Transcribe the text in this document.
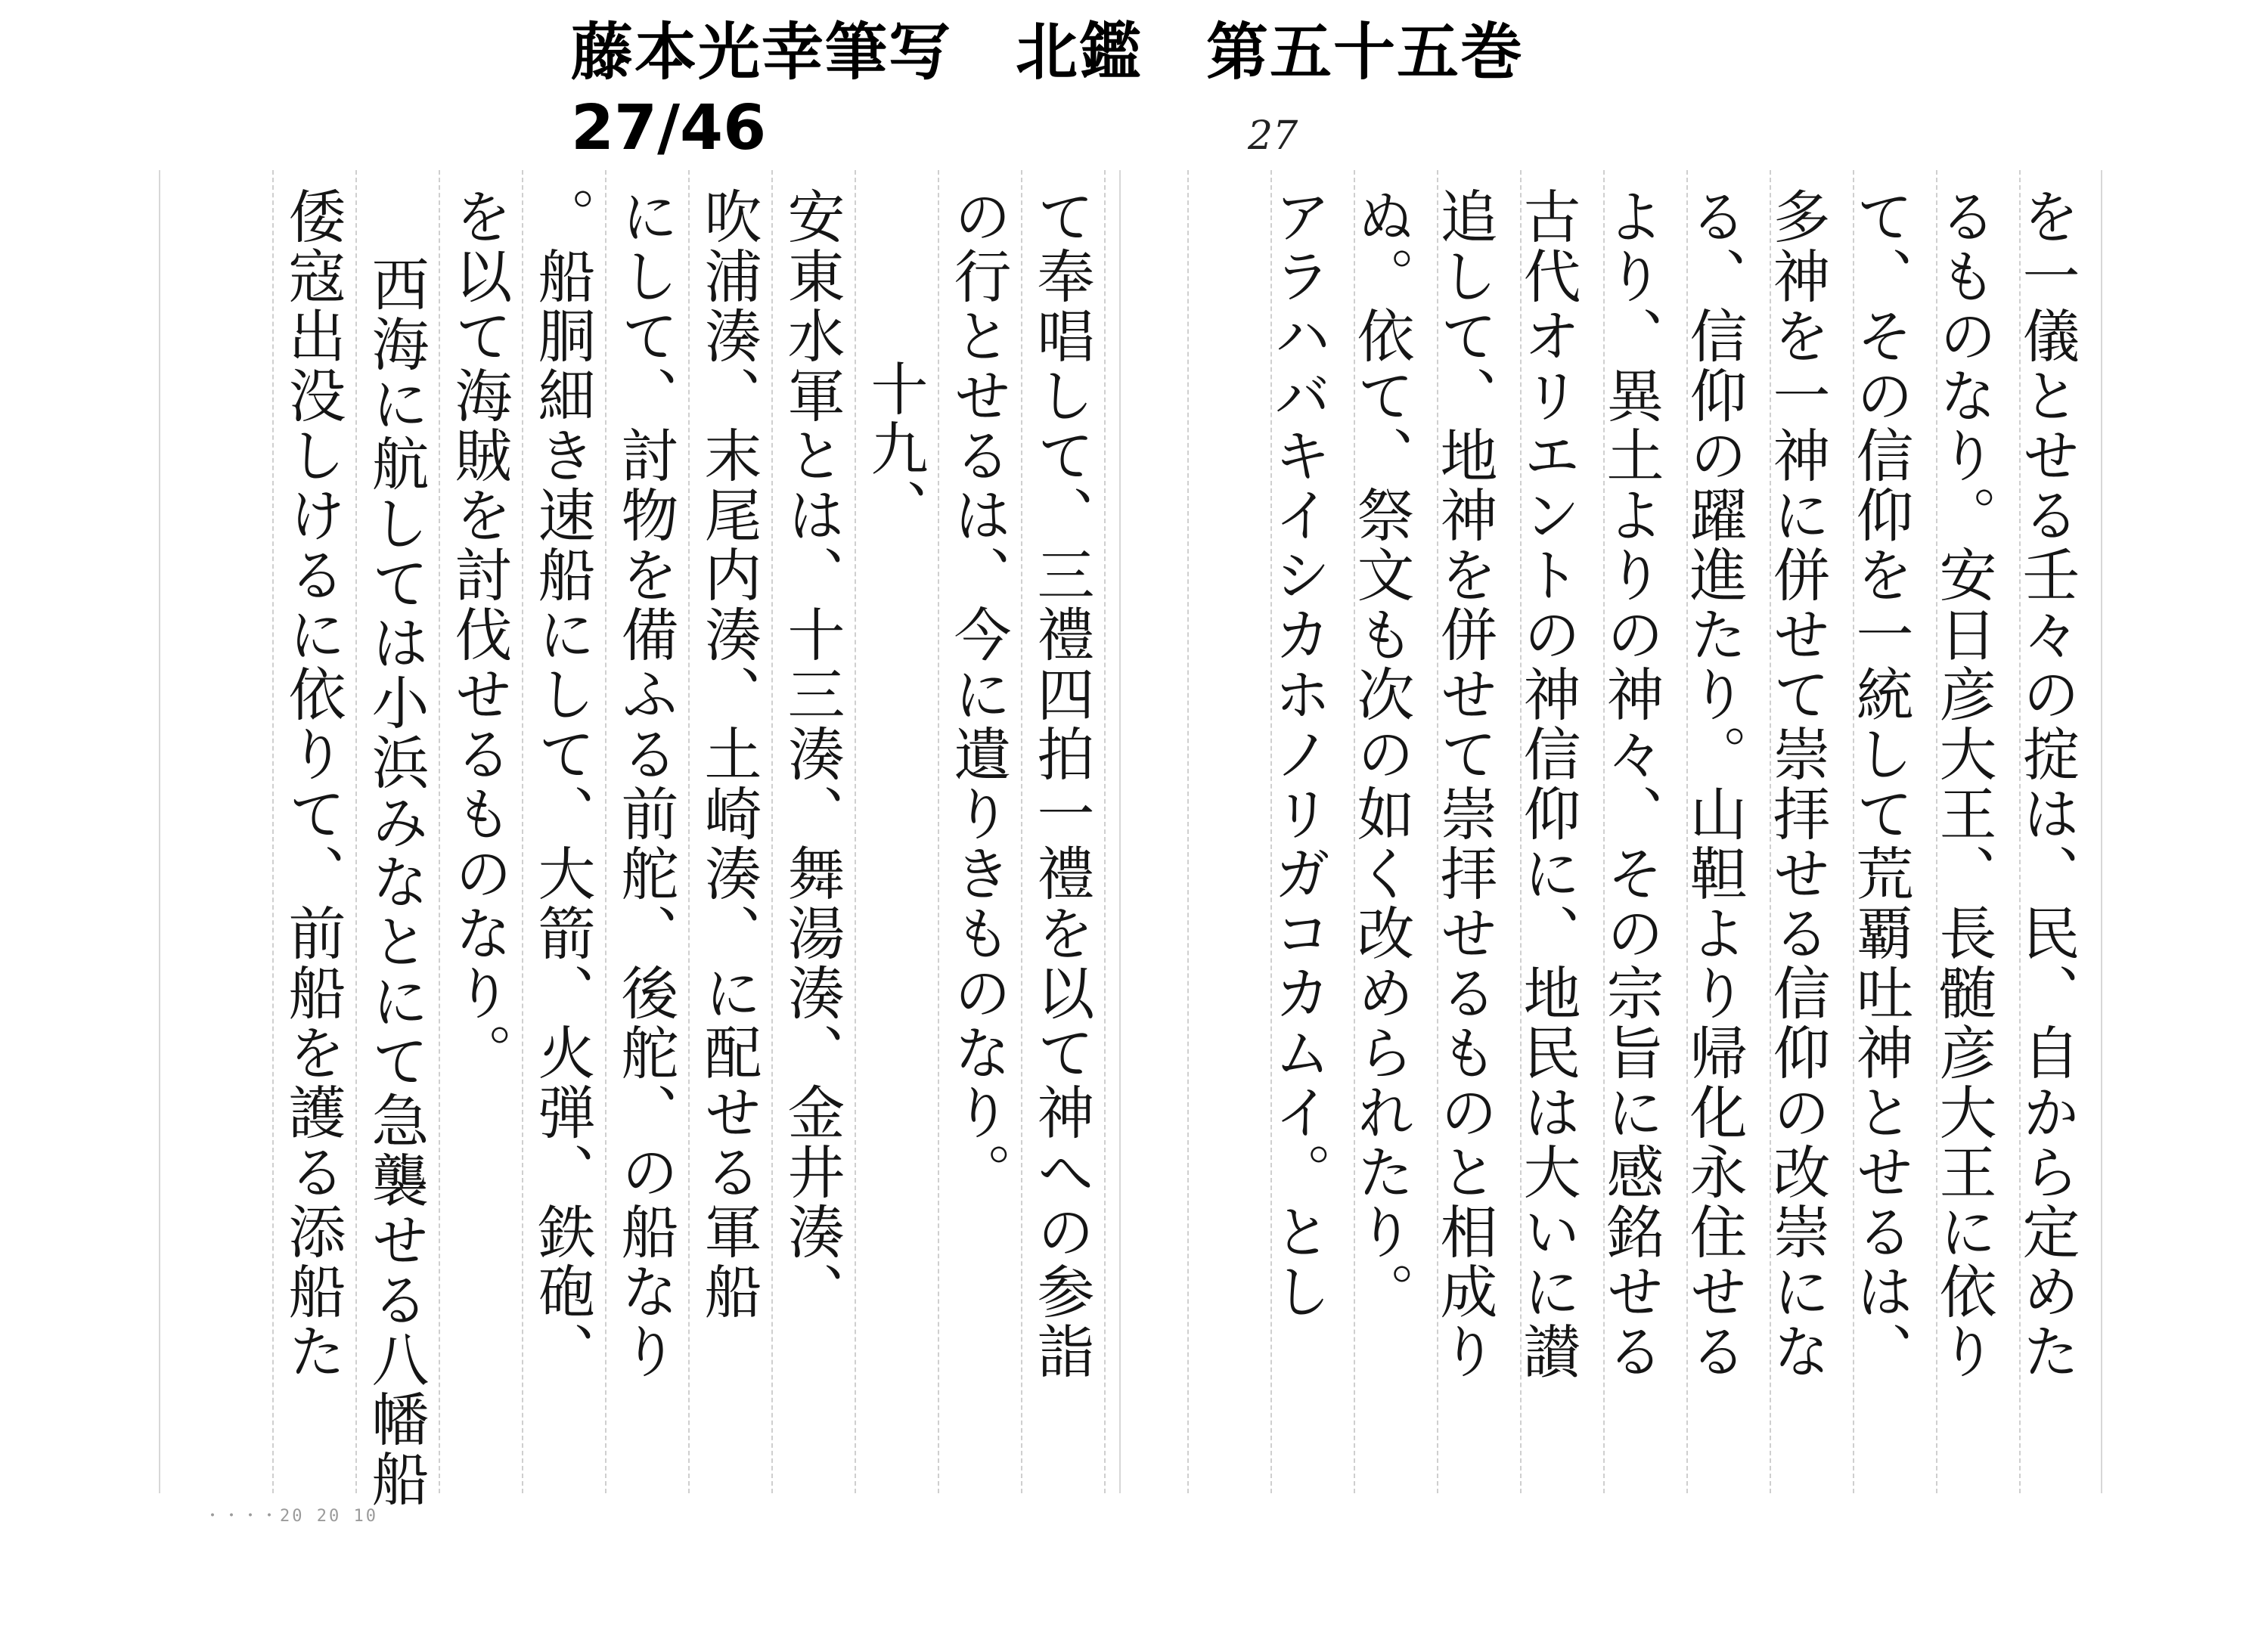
藤本光幸筆写　北鑑　第五十五巻
27/46	27
を一儀とせる壬々の掟は、民、自から定めた
るものなり。安日彦大王、長髄彦大王に依り
て、その信仰を一統して荒覇吐神とせるは、
多神を一神に併せて崇拝せる信仰の改崇にな
る、信仰の躍進たり。山靼より帰化永住せる
より、異土よりの神々、その宗旨に感銘せる
古代オリエントの神信仰に、地民は大いに讃
追して、地神を併せて崇拝せるものと相成り
ぬ。依て、祭文も次の如く改められたり。
アラハバキイシカホノリガコカムイ。とし
て奉唱して、三禮四拍一禮を以て神への参詣
の行とせるは、今に遺りきものなり。
十九、
安東水軍とは、十三湊、舞湯湊、金井湊、
吹浦湊、末尾内湊、土崎湊、に配せる軍船
にして、討物を備ふる前舵、後舵、の船なり
。船胴細き速船にして、大箭、火弾、鉄砲、
を以て海賊を討伐せるものなり。
西海に航しては小浜みなとにて急襲せる八幡船
倭寇出没しけるに依りて、前船を護る添船た
・・・・20 20 10
